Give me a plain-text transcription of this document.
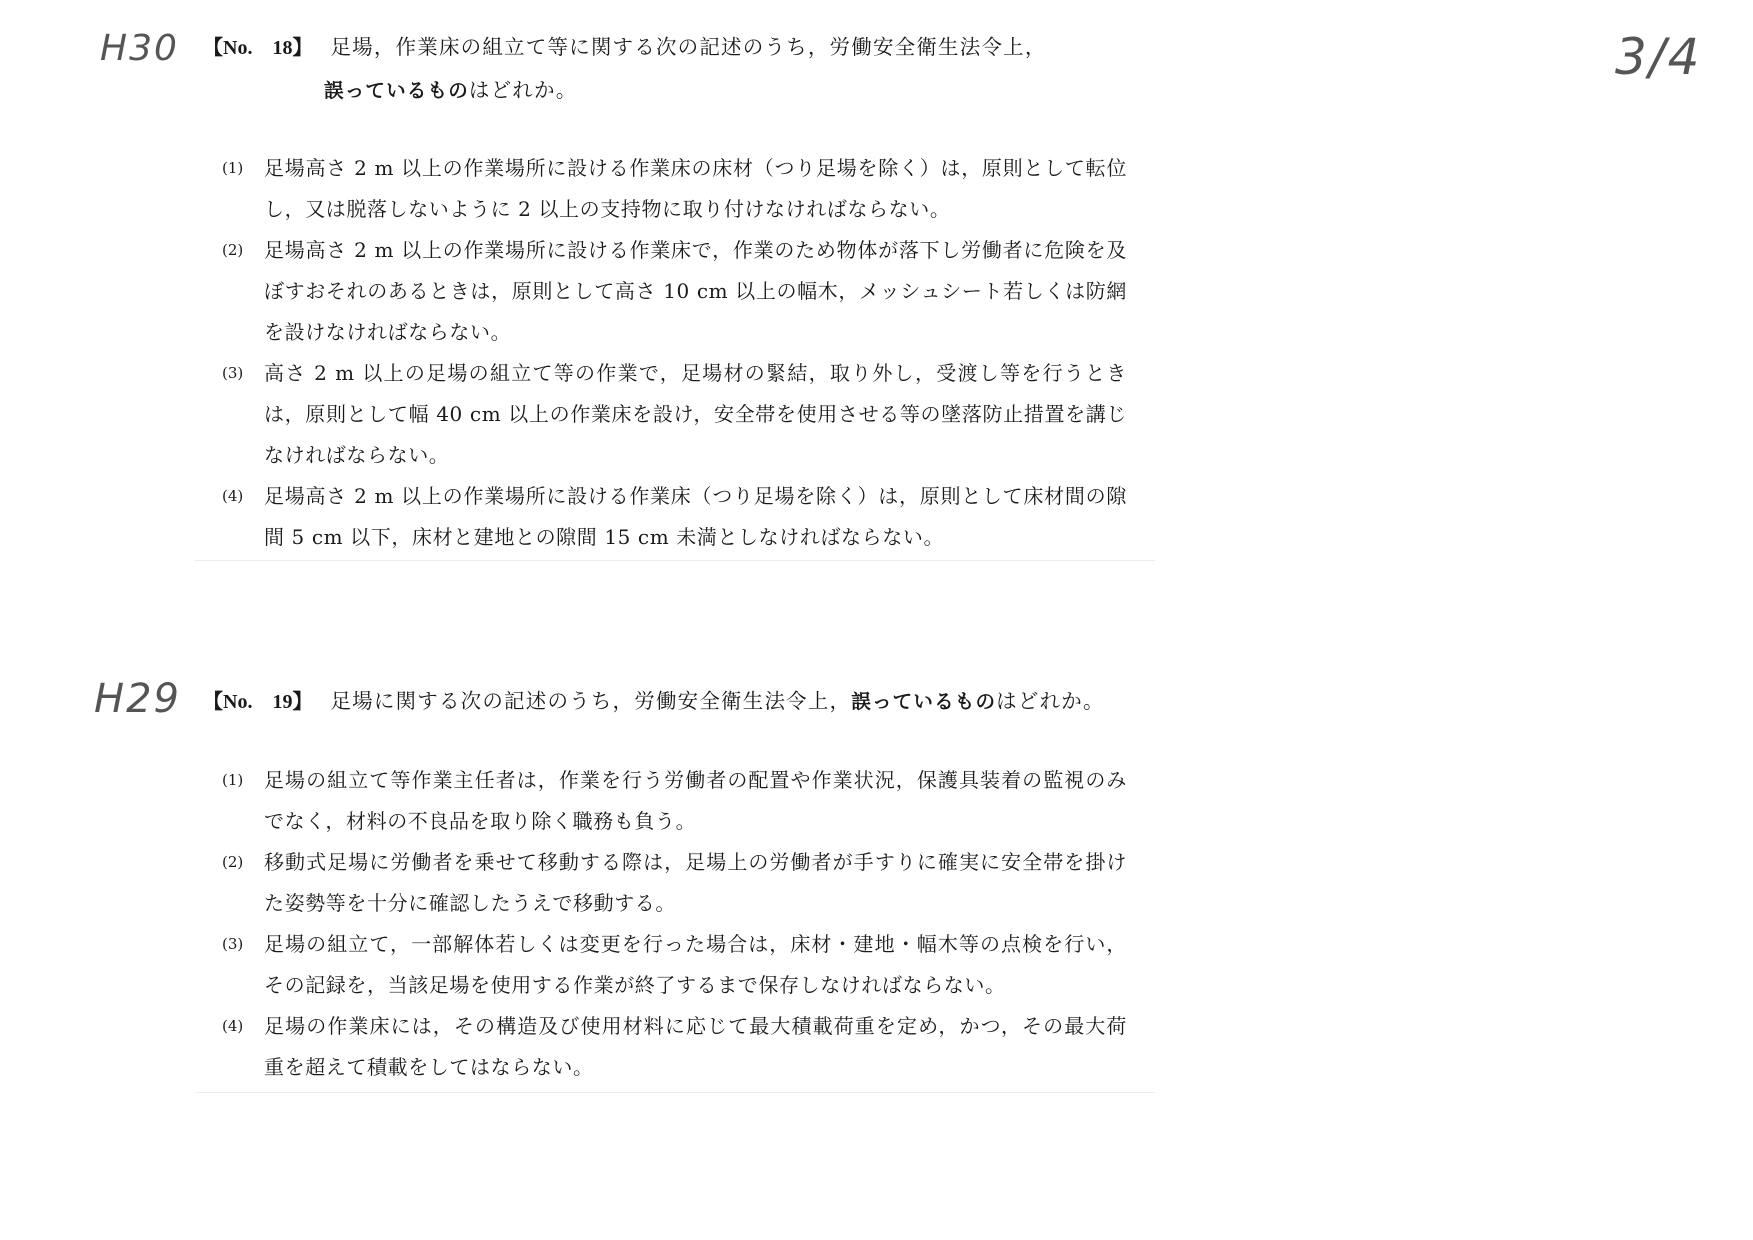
3/4
H30
H29
【No.　18】 足場，作業床の組立て等に関する次の記述のうち，労働安全衛生法令上，
誤っているものはどれか。
(1) 足場高さ 2 m 以上の作業場所に設ける作業床の床材（つり足場を除く）は，原則として転位し，又は脱落しないように 2 以上の支持物に取り付けなければならない。
(2) 足場高さ 2 m 以上の作業場所に設ける作業床で，作業のため物体が落下し労働者に危険を及ぼすおそれのあるときは，原則として高さ 10 cm 以上の幅木，メッシュシート若しくは防網を設けなければならない。
(3) 高さ 2 m 以上の足場の組立て等の作業で，足場材の緊結，取り外し，受渡し等を行うときは，原則として幅 40 cm 以上の作業床を設け，安全帯を使用させる等の墜落防止措置を講じなければならない。
(4) 足場高さ 2 m 以上の作業場所に設ける作業床（つり足場を除く）は，原則として床材間の隙間 5 cm 以下，床材と建地との隙間 15 cm 未満としなければならない。
【No.　19】 足場に関する次の記述のうち，労働安全衛生法令上，誤っているものはどれか。
(1) 足場の組立て等作業主任者は，作業を行う労働者の配置や作業状況，保護具装着の監視のみでなく，材料の不良品を取り除く職務も負う。
(2) 移動式足場に労働者を乗せて移動する際は，足場上の労働者が手すりに確実に安全帯を掛けた姿勢等を十分に確認したうえで移動する。
(3) 足場の組立て，一部解体若しくは変更を行った場合は，床材・建地・幅木等の点検を行い，その記録を，当該足場を使用する作業が終了するまで保存しなければならない。
(4) 足場の作業床には，その構造及び使用材料に応じて最大積載荷重を定め，かつ，その最大荷重を超えて積載をしてはならない。
